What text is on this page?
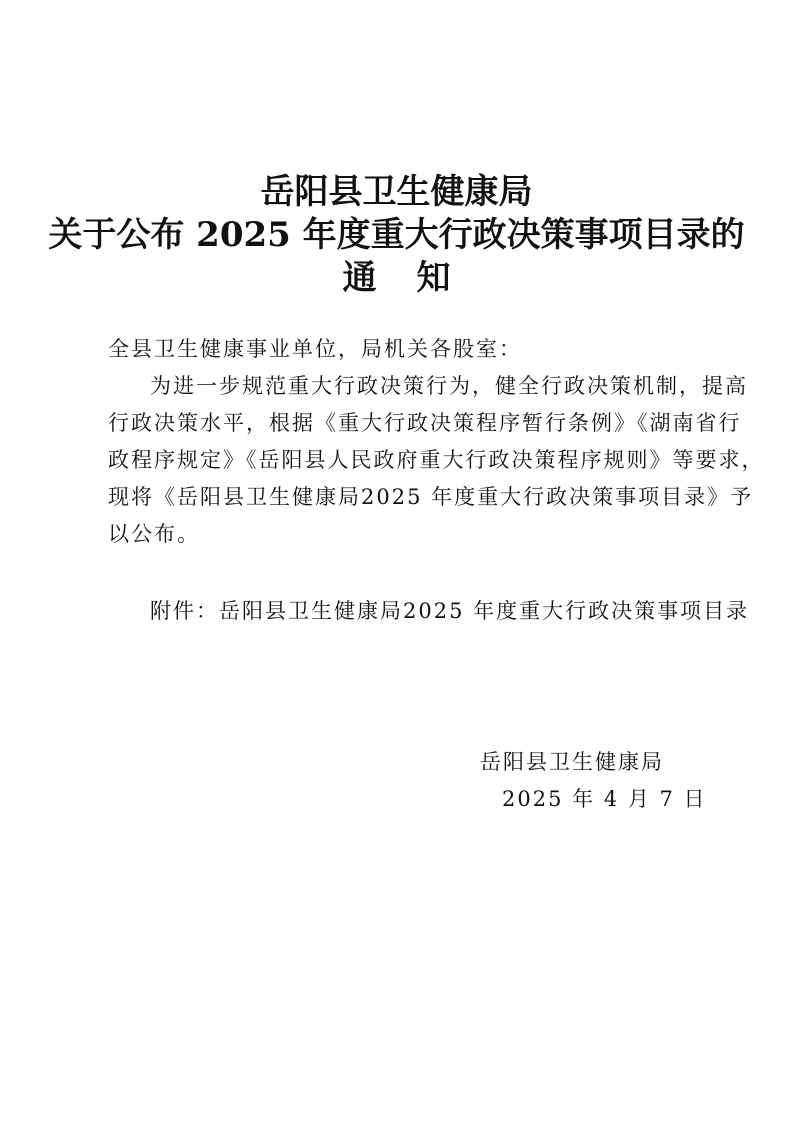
岳阳县卫生健康局
关于公布 2025 年度重大行政决策事项目录的
通知
全县卫生健康事业单位，局机关各股室：
为进一步规范重大行政决策行为，健全行政决策机制，提高
行政决策水平，根据《重大行政决策程序暂行条例》《湖南省行
政程序规定》《岳阳县人民政府重大行政决策程序规则》等要求，
现将《岳阳县卫生健康局2025 年度重大行政决策事项目录》予
以公布。
附件：岳阳县卫生健康局2025 年度重大行政决策事项目录
岳阳县卫生健康局
2025 年 4 月 7 日
